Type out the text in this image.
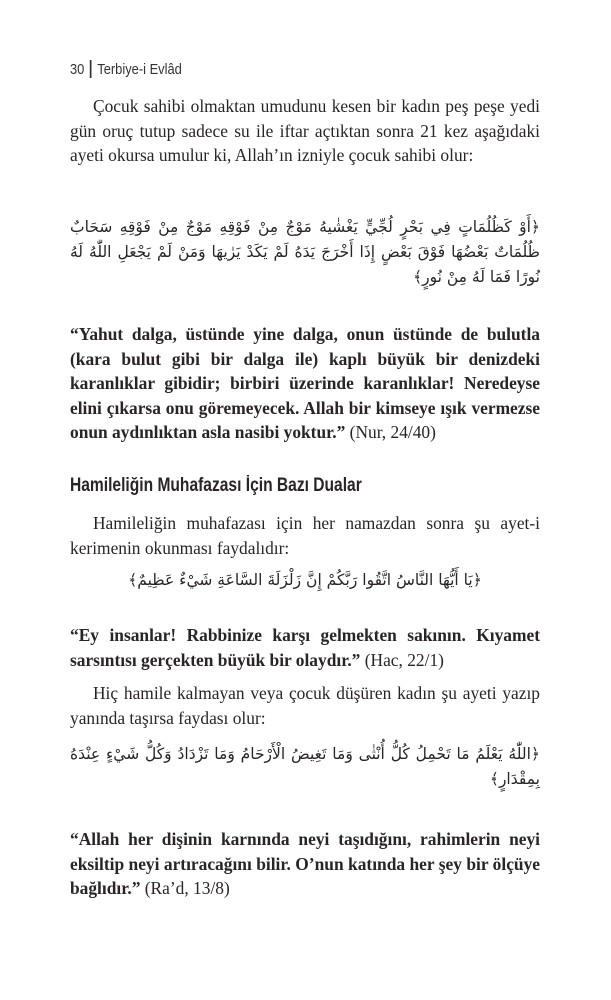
30 Terbiye-i Evlâd

Çocuk sahibi olmaktan umudunu kesen bir kadın peş peşe yedi gün oruç tutup sadece su ile iftar açtıktan sonra 21 kez aşağıdaki ayeti okursa umulur ki, Allah’ın izniyle çocuk sahibi olur:

﴿أَوْ كَظُلُمَاتٍ فِي بَحْرٍ لُجِّيٍّ يَغْشٰيهُ مَوْجٌ مِنْ فَوْقِهِ مَوْجٌ مِنْ فَوْقِهِ سَحَابٌ ظُلُمَاتٌ بَعْضُهَا فَوْقَ بَعْضٍ إِذَا أَخْرَجَ يَدَهُ لَمْ يَكَدْ يَرٰيهَا وَمَنْ لَمْ يَجْعَلِ اللّٰهُ لَهُ نُورًا فَمَا لَهُ مِنْ نُورٍ﴾

“Yahut dalga, üstünde yine dalga, onun üstünde de bulutla (kara bulut gibi bir dalga ile) kaplı büyük bir denizdeki karanlıklar gibidir; birbiri üzerinde karanlıklar! Neredeyse elini çıkarsa onu göremeyecek. Allah bir kimseye ışık vermezse onun aydınlıktan asla nasibi yoktur.” (Nur, 24/40)

Hamileliğin Muhafazası İçin Bazı Dualar

Hamileliğin muhafazası için her namazdan sonra şu ayet-i kerimenin okunması faydalıdır:

﴿يَا أَيُّهَا النَّاسُ اتَّقُوا رَبَّكُمْ إِنَّ زَلْزَلَةَ السَّاعَةِ شَيْءٌ عَظِيمٌ﴾

“Ey insanlar! Rabbinize karşı gelmekten sakının. Kıyamet sarsıntısı gerçekten büyük bir olaydır.” (Hac, 22/1)

Hiç hamile kalmayan veya çocuk düşüren kadın şu ayeti yazıp yanında taşırsa faydası olur:

﴿اللّٰهُ يَعْلَمُ مَا تَحْمِلُ كُلُّ أُنْثٰى وَمَا تَغِيضُ الْأَرْحَامُ وَمَا تَزْدَادُ وَكُلُّ شَيْءٍ عِنْدَهُ بِمِقْدَارٍ﴾

“Allah her dişinin karnında neyi taşıdığını, rahimlerin neyi eksiltip neyi artıracağını bilir. O’nun katında her şey bir ölçüye bağlıdır.” (Ra’d, 13/8)
